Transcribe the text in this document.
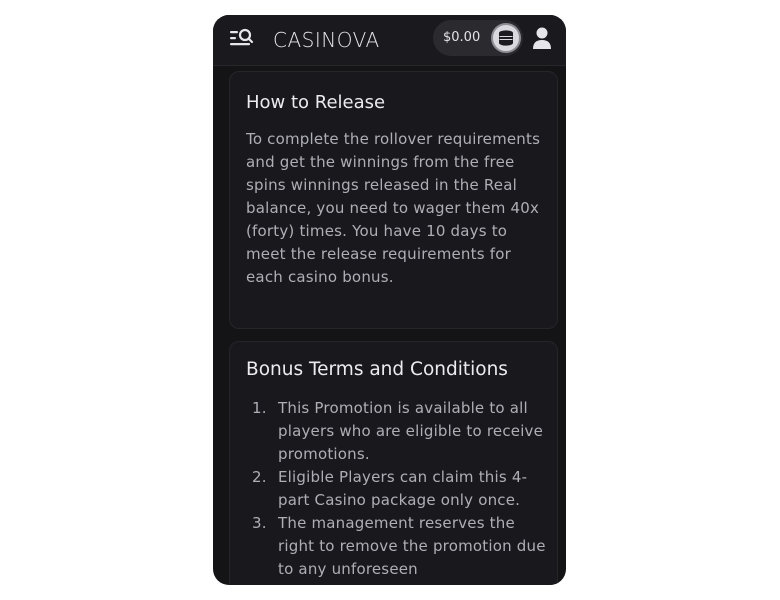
CASINOVA	$0.00
How to Release

To complete the rollover requirements and get the winnings from the free spins winnings released in the Real balance, you need to wager them 40x (forty) times. You have 10 days to meet the release requirements for each casino bonus.

Bonus Terms and Conditions
1. This Promotion is available to all players who are eligible to receive promotions.
2. Eligible Players can claim this 4-part Casino package only once.
3. The management reserves the right to remove the promotion due to any unforeseen
